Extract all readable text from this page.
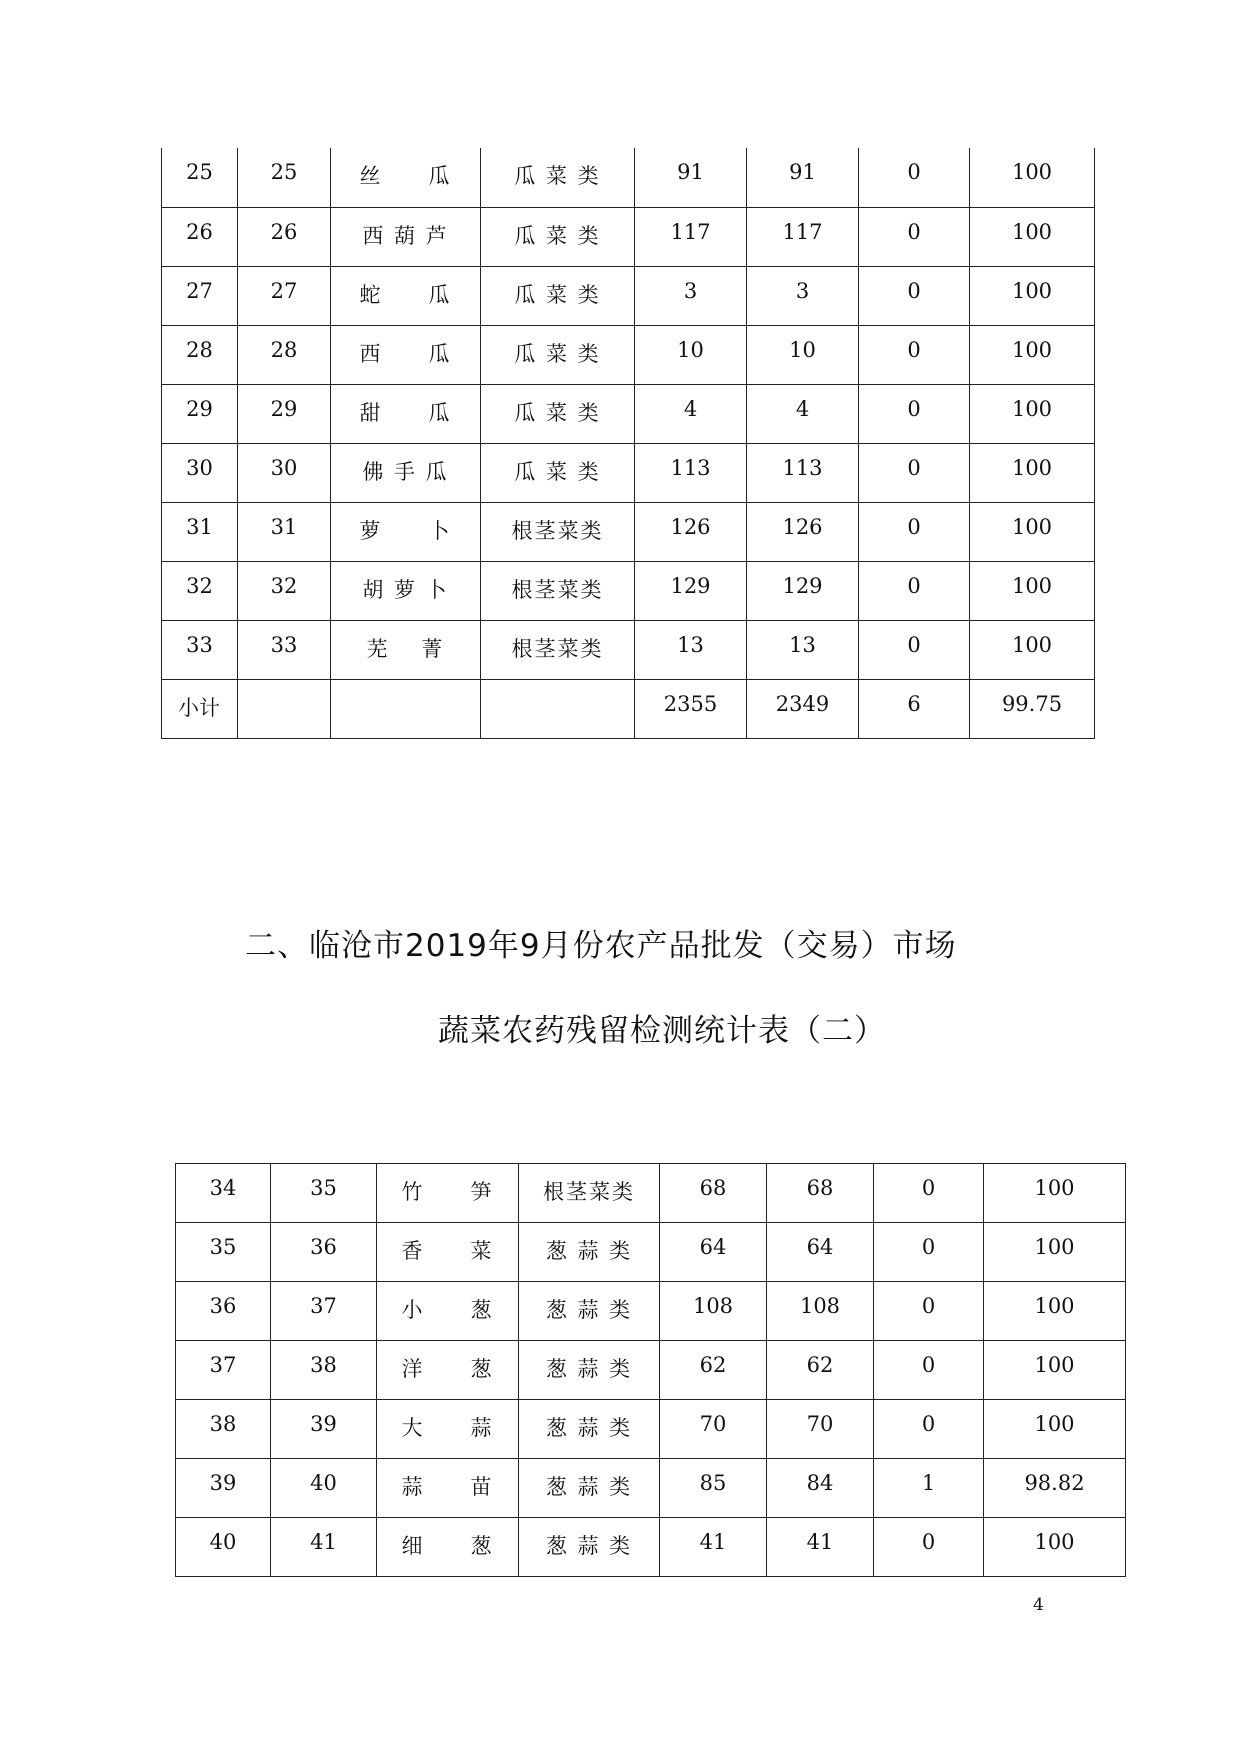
25	25	丝　　瓜	瓜 菜 类	91	91	0	100
26	26	西 葫 芦	瓜 菜 类	117	117	0	100
27	27	蛇　　瓜	瓜 菜 类	3	3	0	100
28	28	西　　瓜	瓜 菜 类	10	10	0	100
29	29	甜　　瓜	瓜 菜 类	4	4	0	100
30	30	佛 手 瓜	瓜 菜 类	113	113	0	100
31	31	萝　　卜	根茎菜类	126	126	0	100
32	32	胡 萝 卜	根茎菜类	129	129	0	100
33	33	芜　 菁	根茎菜类	13	13	0	100
小计				2355	2349	6	99.75
二、临沧市2019年9月份农产品批发（交易）市场
蔬菜农药残留检测统计表（二）
34	35	竹　　笋	根茎菜类	68	68	0	100
35	36	香　　菜	葱 蒜 类	64	64	0	100
36	37	小　　葱	葱 蒜 类	108	108	0	100
37	38	洋　　葱	葱 蒜 类	62	62	0	100
38	39	大　　蒜	葱 蒜 类	70	70	0	100
39	40	蒜　　苗	葱 蒜 类	85	84	1	98.82
40	41	细　　葱	葱 蒜 类	41	41	0	100
4
